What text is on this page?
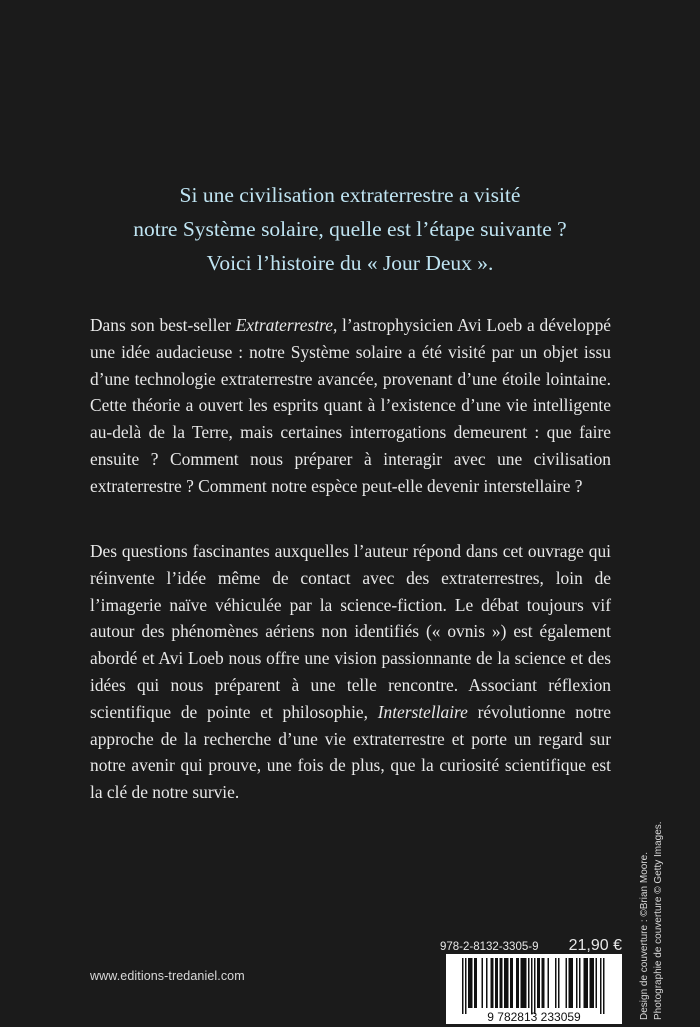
Si une civilisation extraterrestre a visité
notre Système solaire, quelle est l’étape suivante ?
Voici l’histoire du « Jour Deux ».
Dans son best-seller Extraterrestre, l’astrophysicien Avi Loeb a développé une idée audacieuse : notre Système solaire a été visité par un objet issu d’une technologie extraterrestre avancée, provenant d’une étoile lointaine. Cette théorie a ouvert les esprits quant à l’existence d’une vie intelligente au-delà de la Terre, mais certaines interrogations demeurent : que faire ensuite ? Comment nous préparer à interagir avec une civilisation extraterrestre ? Comment notre espèce peut-elle devenir interstellaire ?
Des questions fascinantes auxquelles l’auteur répond dans cet ouvrage qui réinvente l’idée même de contact avec des extraterrestres, loin de l’imagerie naïve véhiculée par la science-fiction. Le débat toujours vif autour des phénomènes aériens non identifiés (« ovnis ») est également abordé et Avi Loeb nous offre une vision passionnante de la science et des idées qui nous préparent à une telle rencontre. Associant réflexion scientifique de pointe et philosophie, Interstellaire révolutionne notre approche de la recherche d’une vie extraterrestre et porte un regard sur notre avenir qui prouve, une fois de plus, que la curiosité scientifique est la clé de notre survie.
www.editions-tredaniel.com
978-2-8132-3305-9 21,90 €
9 782813 233059	Design de couverture : ©Brian Moore. Photographie de couverture © Getty Images.
